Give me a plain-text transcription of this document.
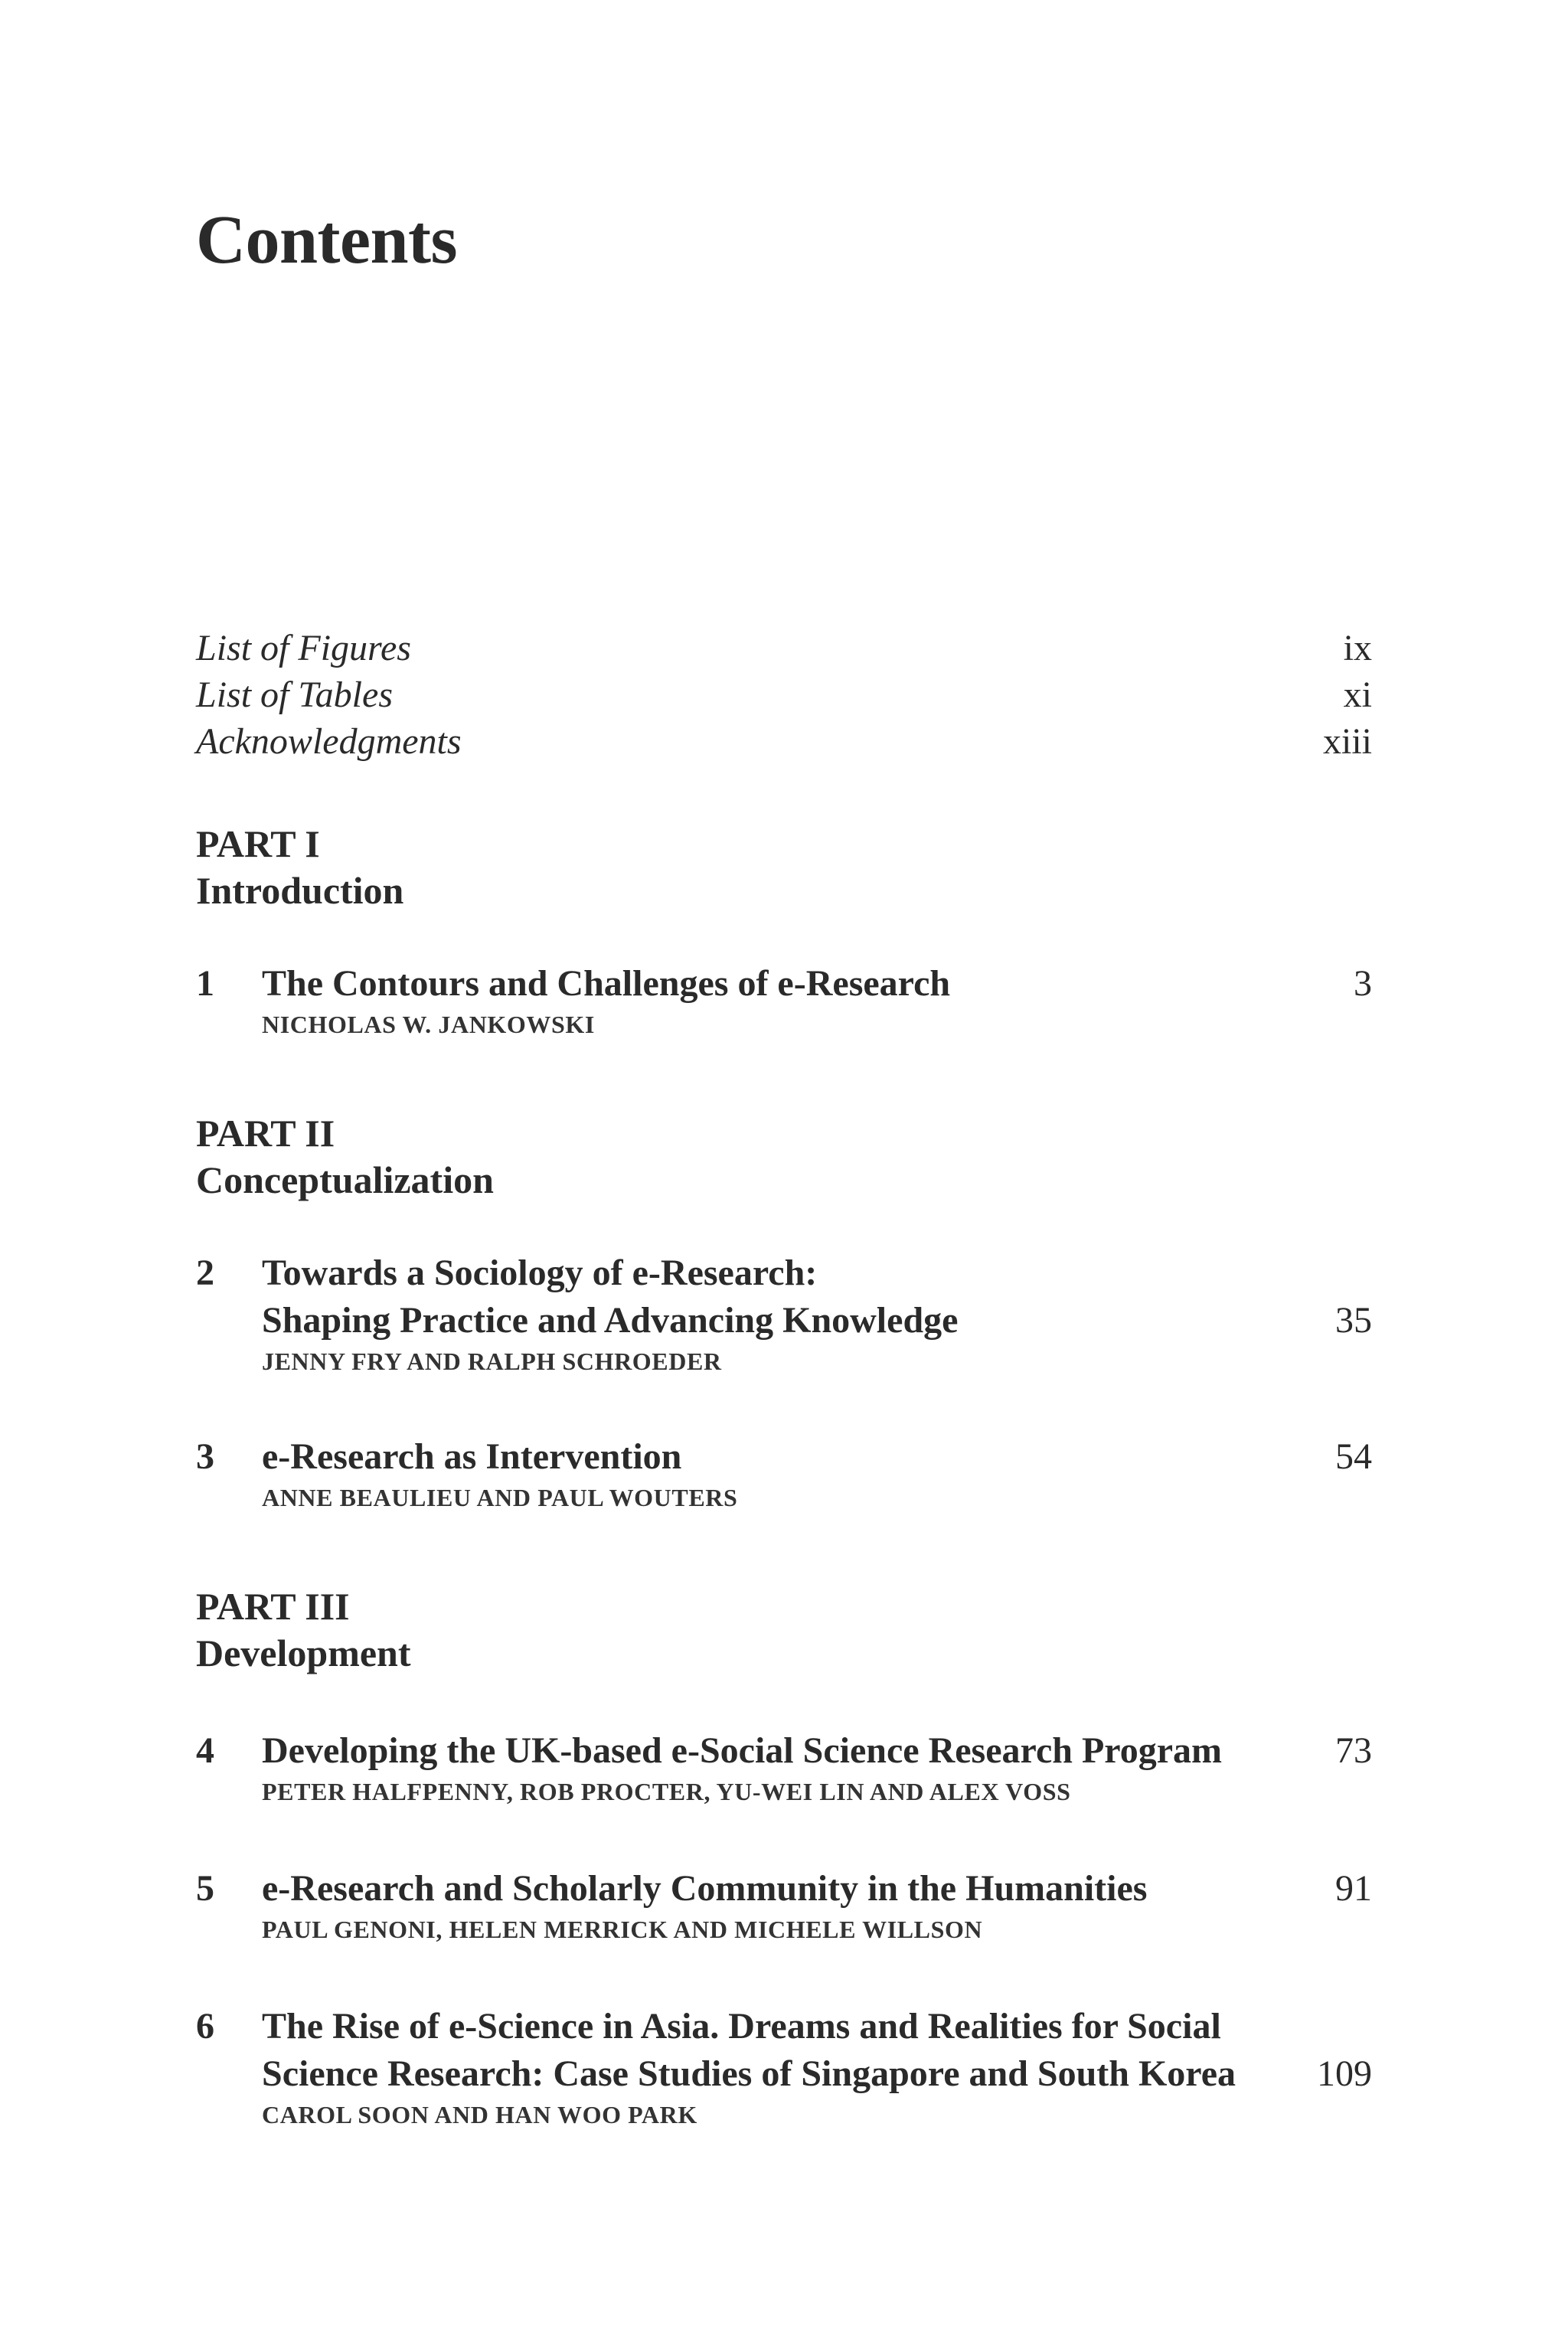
Contents
List of Figures	ix
List of Tables	xi
Acknowledgments	xiii
PART I
Introduction
1	The Contours and Challenges of e-Research	3
NICHOLAS W. JANKOWSKI
PART II
Conceptualization
2	Towards a Sociology of e-Research:
Shaping Practice and Advancing Knowledge	35
JENNY FRY AND RALPH SCHROEDER
3	e-Research as Intervention	54
ANNE BEAULIEU AND PAUL WOUTERS
PART III
Development
4	Developing the UK-based e-Social Science Research Program	73
PETER HALFPENNY, ROB PROCTER, YU-WEI LIN AND ALEX VOSS
5	e-Research and Scholarly Community in the Humanities	91
PAUL GENONI, HELEN MERRICK AND MICHELE WILLSON
6	The Rise of e-Science in Asia. Dreams and Realities for Social
Science Research: Case Studies of Singapore and South Korea	109
CAROL SOON AND HAN WOO PARK
